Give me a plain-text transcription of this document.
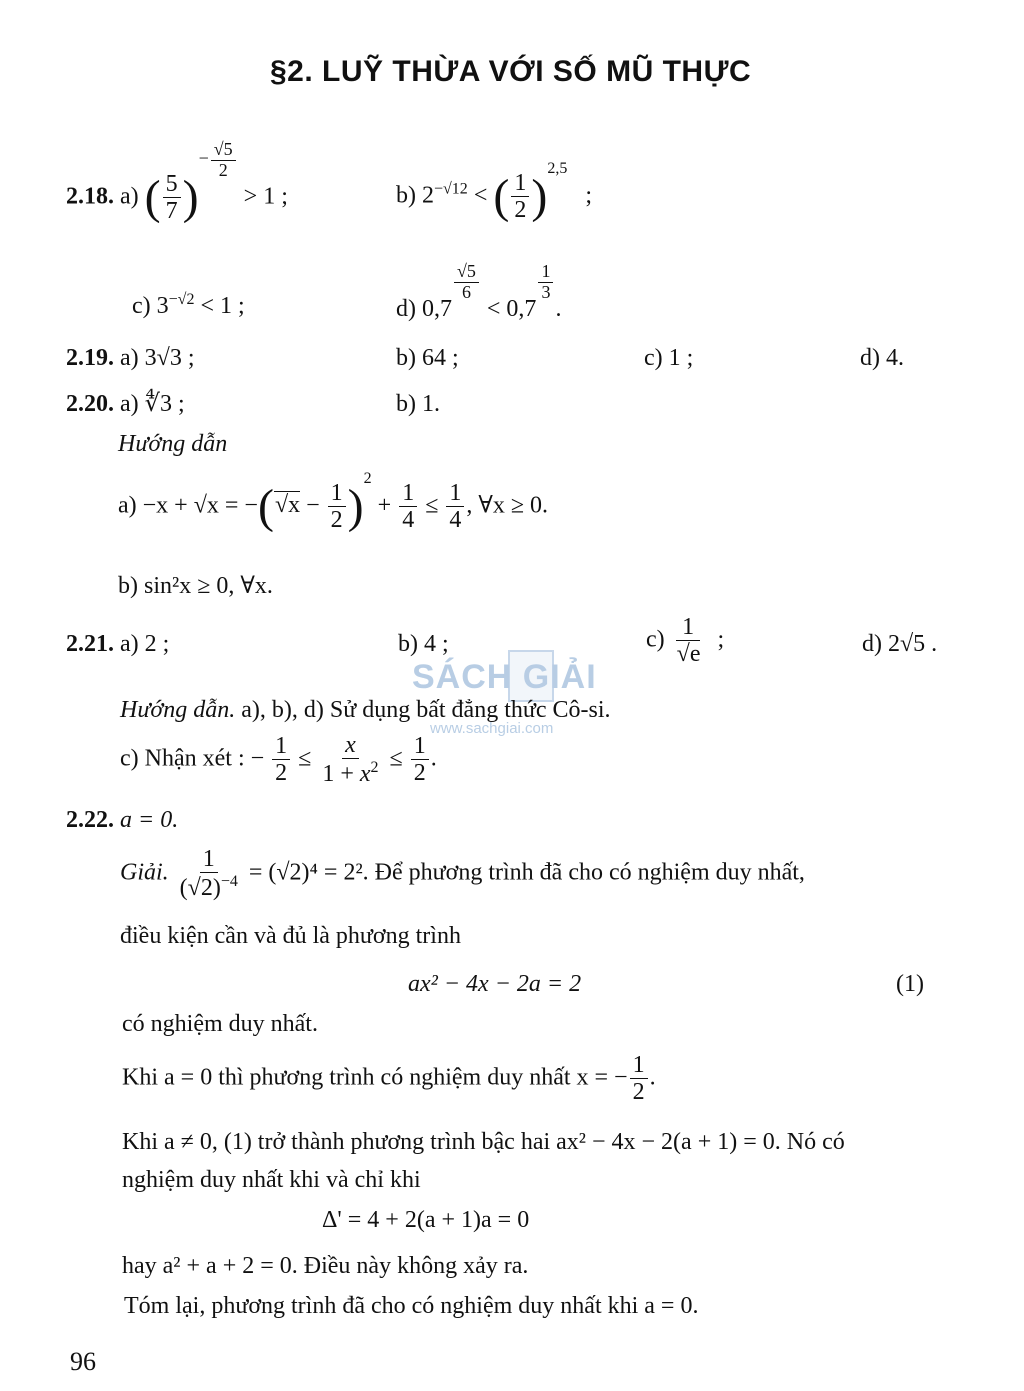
§2. LUỸ THỪA VỚI SỐ MŨ THỰC
2.18. a) ( $\frac{5}{7} )^{- \frac{√5}{2}}$
> 1 ;	b) $2^{-√12}$ < ( $\frac{1}{2} )^{2,5}$   ;
c) $3^{-√2} < 1$ ;	d) 0,7
$\frac{√5}{6}$
< 0,7
$\frac{1}{3}$
.
2.19. a) 3√3 ;	b) 64 ;	c) 1 ;	d) 4.
2.20. a) ∜3 ;	b) 1.
Hướng dẫn
$a) -x + √x = -(√x - \frac{1}{2} )^2 + \frac{1}{4} \le \frac{1}{4}$ , ∀x ≥ 0.
b) sin²x ≥ 0, ∀x.
2.21. a) 2 ;	b) 4 ;	$c) \frac{1}{√e}$ ;	d) 2√5 .
SÁCH GIẢI
www.sachgiai.com
Hướng dẫn. a), b), d) Sử dụng bất đẳng thức Cô-si.
c) Nhận xét : − $\frac{1}{2} \le \frac{x}{1 + x^2} \le \frac{1}{2}$ .
2.22. a = 0.
Giải. $\frac{1}{(√2)^{-4}} = (√2)^4 = 2^2$. Để phương trình đã cho có nghiệm duy nhất,
điều kiện cần và đủ là phương trình
ax² − 4x − 2a = 2	(1)
có nghiệm duy nhất.
Khi a = 0 thì phương trình có nghiệm duy nhất x = − $\frac{1}{2}$ .
Khi a ≠ 0, (1) trở thành phương trình bậc hai ax² − 4x − 2(a + 1) = 0. Nó có
nghiệm duy nhất khi và chỉ khi
Δ' = 4 + 2(a + 1)a = 0
hay a² + a + 2 = 0. Điều này không xảy ra.
Tóm lại, phương trình đã cho có nghiệm duy nhất khi a = 0.
96
